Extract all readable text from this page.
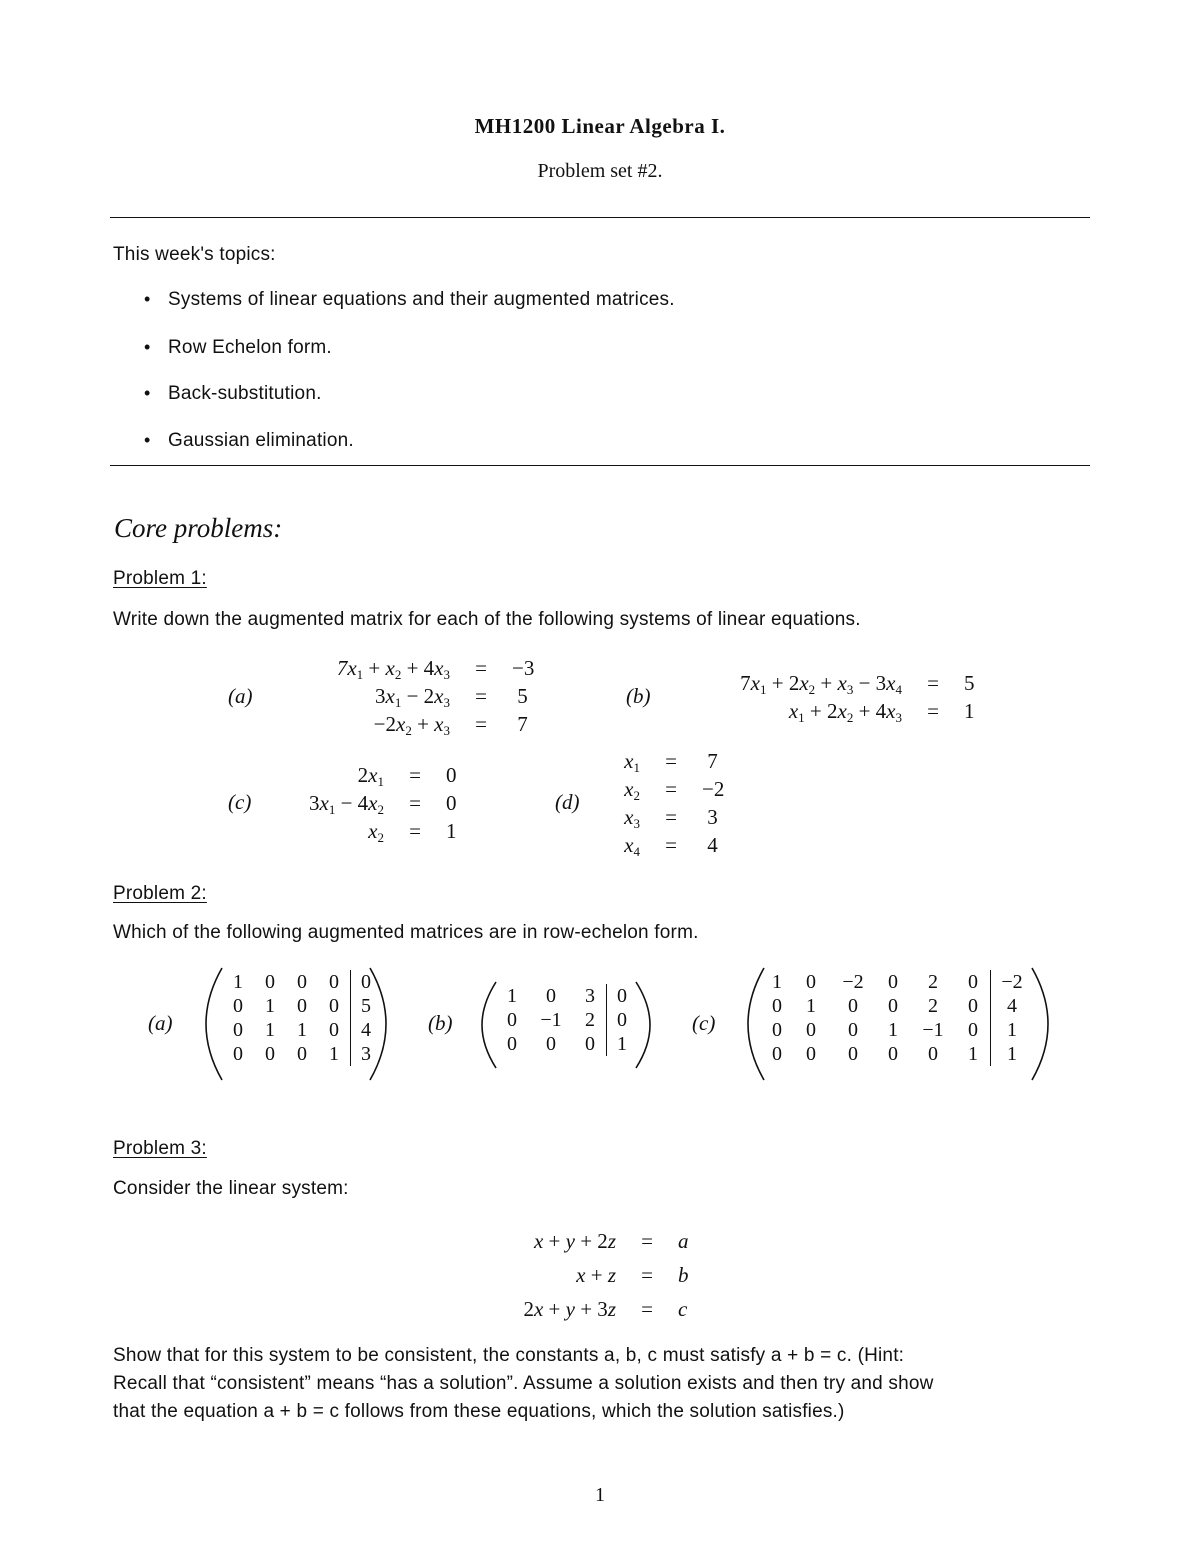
MH1200 Linear Algebra I.
Problem set #2.
This week's topics:
• Systems of linear equations and their augmented matrices.
• Row Echelon form.
• Back-substitution.
• Gaussian elimination.
Core problems:
Problem 1:
Write down the augmented matrix for each of the following systems of linear equations.
(a)
$7x_1 + x_2 + 4x_3$	=	−3
$3x_1 - 2x_3$	=	5
$-2x_2 + x_3$	=	7
(b)
$7x_1 + 2x_2 + x_3 - 3x_4$	=	5
$x_1 + 2x_2 + 4x_3$	=	1
(c)
$2x_1$	=	0
$3x_1 - 4x_2$	=	0
$x_2$	=	1
(d)
$x_1$	=	7
$x_2$	=	−2
$x_3$	=	3
$x_4$	=	4
Problem 2:
Which of the following augmented matrices are in row-echelon form.
(a)
1	0	0	0	0
0	1	0	0	5
0	1	1	0	4
0	0	0	1	3
(b)
1	0	3	0
0	−1	2	0
0	0	0	1
(c)
1	0	−2	0	2	0	−2
0	1	0	0	2	0	4
0	0	0	1	−1	0	1
0	0	0	0	0	1	1
Problem 3:
Consider the linear system:
x + y + 2z	=	a
x + z	=	b
2x + y + 3z	=	c
Show that for this system to be consistent, the constants a, b, c must satisfy a + b = c. (Hint:
Recall that “consistent” means “has a solution”. Assume a solution exists and then try and show
that the equation a + b = c follows from these equations, which the solution satisfies.)
1
